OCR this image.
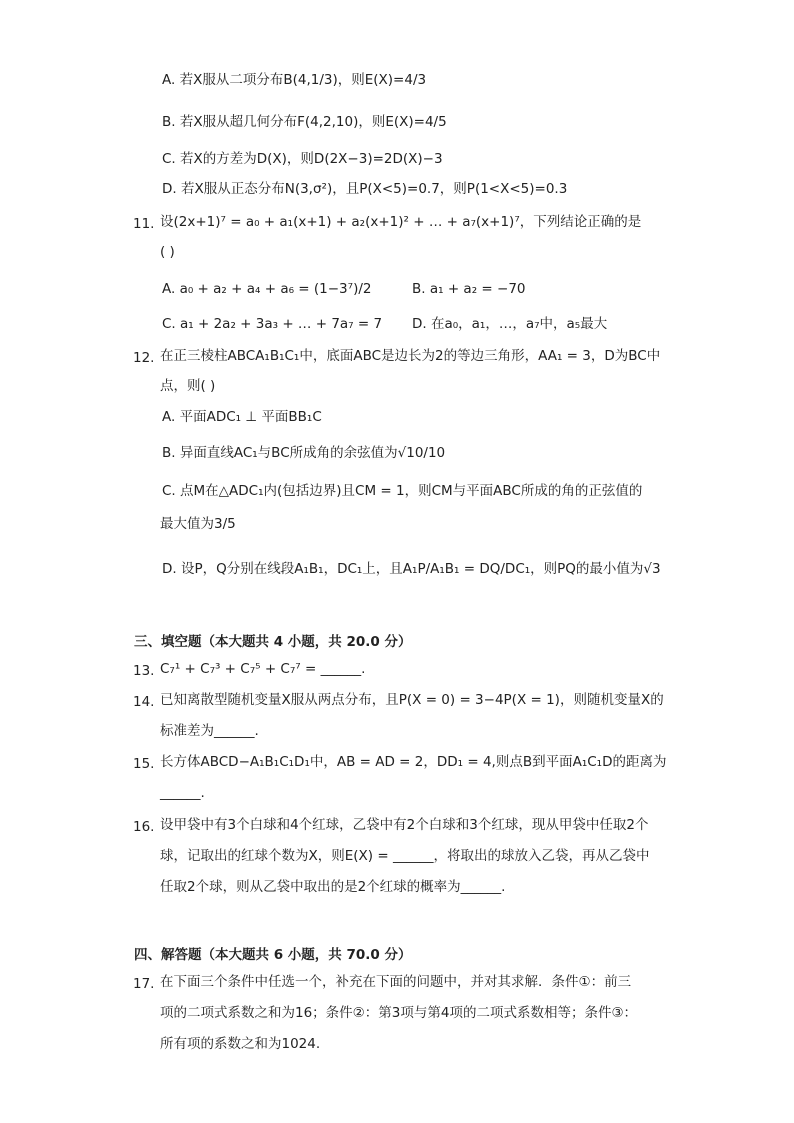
A. 若X服从二项分布B(4,1/3)，则E(X)=4/3
B. 若X服从超几何分布F(4,2,10)，则E(X)=4/5
C. 若X的方差为D(X)，则D(2X−3)=2D(X)−3
D. 若X服从正态分布N(3,σ²)，且P(X<5)=0.7，则P(1<X<5)=0.3
11. 设(2x+1)⁷ = a₀ + a₁(x+1) + a₂(x+1)² + … + a₇(x+1)⁷，下列结论正确的是
( )
A. a₀ + a₂ + a₄ + a₆ = (1−3⁷)/2	B. a₁ + a₂ = −70
C. a₁ + 2a₂ + 3a₃ + … + 7a₇ = 7 D. 在a₀，a₁，…，a₇中，a₅最大
12. 在正三棱柱ABCA₁B₁C₁中，底面ABC是边长为2的等边三角形，AA₁ = 3，D为BC中
点，则( )
A. 平面ADC₁ ⊥ 平面BB₁C
B. 异面直线AC₁与BC所成角的余弦值为√10/10
C. 点M在△ADC₁内(包括边界)且CM = 1，则CM与平面ABC所成的角的正弦值的
最大值为3/5
D. 设P，Q分别在线段A₁B₁，DC₁上，且A₁P/A₁B₁ = DQ/DC₁，则PQ的最小值为√3
三、填空题（本大题共 4 小题，共 20.0 分）
13. C₇¹ + C₇³ + C₇⁵ + C₇⁷ = ______.
14. 已知离散型随机变量X服从两点分布，且P(X = 0) = 3−4P(X = 1)，则随机变量X的
标准差为______.
15. 长方体ABCD−A₁B₁C₁D₁中，AB = AD = 2，DD₁ = 4,则点B到平面A₁C₁D的距离为
______.
16. 设甲袋中有3个白球和4个红球，乙袋中有2个白球和3个红球，现从甲袋中任取2个
球，记取出的红球个数为X，则E(X) = ______，将取出的球放入乙袋，再从乙袋中
任取2个球，则从乙袋中取出的是2个红球的概率为______.
四、解答题（本大题共 6 小题，共 70.0 分）
17. 在下面三个条件中任选一个，补充在下面的问题中，并对其求解．条件①：前三
项的二项式系数之和为16；条件②：第3项与第4项的二项式系数相等；条件③：
所有项的系数之和为1024.
